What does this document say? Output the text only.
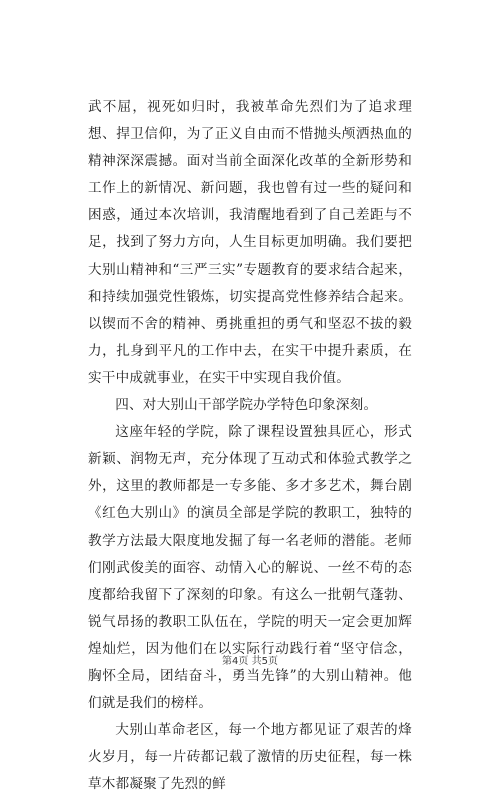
武不屈，视死如归时，我被革命先烈们为了追求理想、捍卫信仰，为了正义自由而不惜抛头颅洒热血的精神深深震撼。面对当前全面深化改革的全新形势和工作上的新情况、新问题，我也曾有过一些的疑问和困惑，通过本次培训，我清醒地看到了自己差距与不足，找到了努力方向，人生目标更加明确。我们要把大别山精神和“三严三实”专题教育的要求结合起来，和持续加强党性锻炼，切实提高党性修养结合起来。以锲而不舍的精神、勇挑重担的勇气和坚忍不拔的毅力，扎身到平凡的工作中去，在实干中提升素质，在实干中成就事业，在实干中实现自我价值。

四、对大别山干部学院办学特色印象深刻。

这座年轻的学院，除了课程设置独具匠心，形式新颖、润物无声，充分体现了互动式和体验式教学之外，这里的教师都是一专多能、多才多艺术，舞台剧《红色大别山》的演员全部是学院的教职工，独特的教学方法最大限度地发掘了每一名老师的潜能。老师们刚武俊美的面容、动情入心的解说、一丝不苟的态度都给我留下了深刻的印象。有这么一批朝气蓬勃、锐气昂扬的教职工队伍在，学院的明天一定会更加辉煌灿烂，因为他们在以实际行动践行着“坚守信念，胸怀全局，团结奋斗，勇当先锋”的大别山精神。他们就是我们的榜样。

大别山革命老区，每一个地方都见证了艰苦的烽火岁月，每一片砖都记载了激情的历史征程，每一株草木都凝聚了先烈的鲜

第4页 共5页
